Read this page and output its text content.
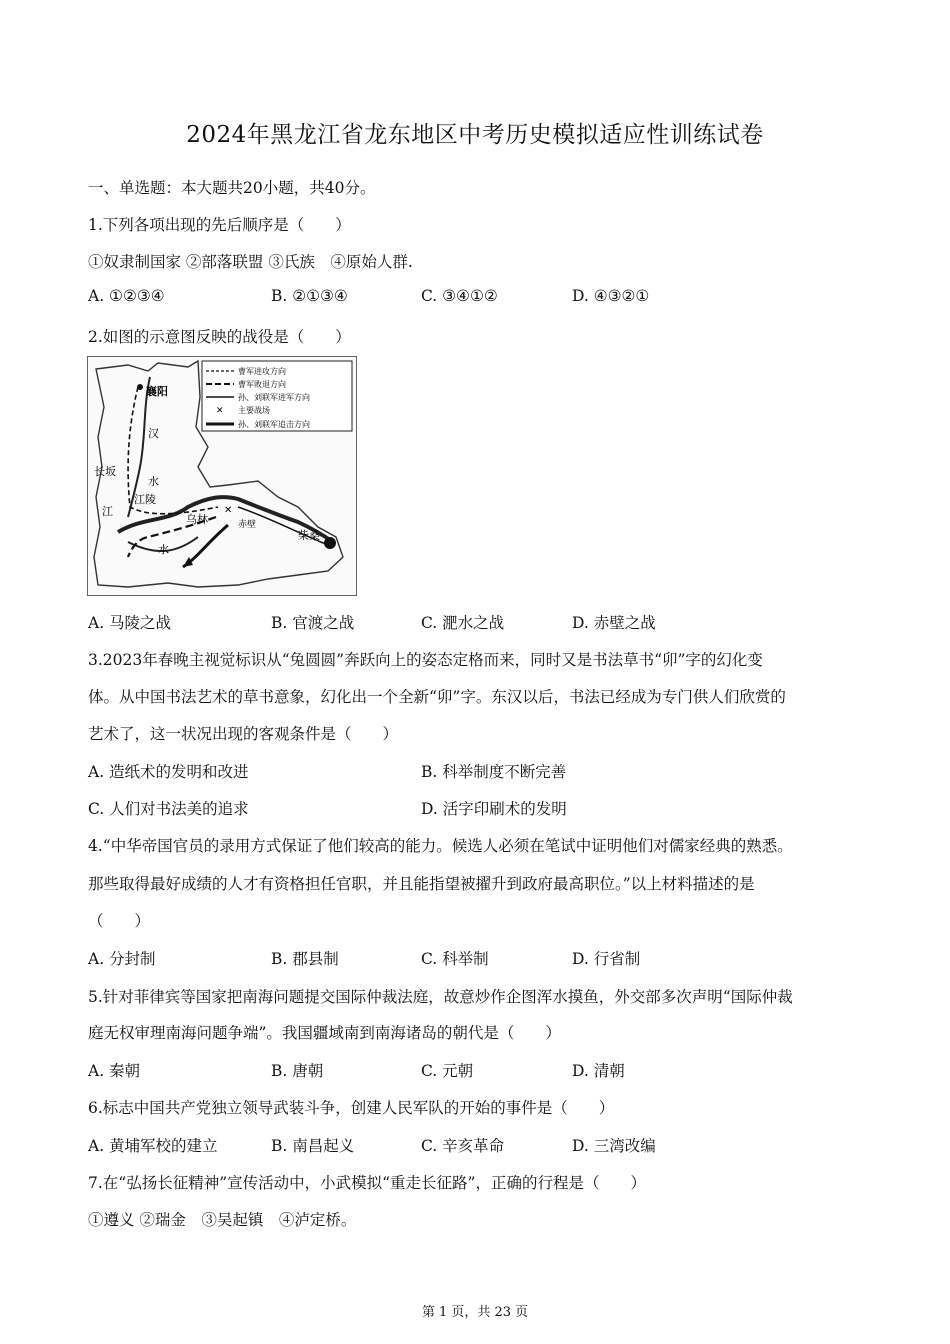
2024年黑龙江省龙东地区中考历史模拟适应性训练试卷
一、单选题：本大题共20小题，共40分。
1.下列各项出现的先后顺序是（　　）
①奴隶制国家 ②部落联盟 ③氏族　④原始人群.
A. ①②③④	B. ②①③④	C. ③④①②	D. ④③②①
2.如图的示意图反映的战役是（　　）
✕
曹军进攻方向
曹军败退方向
孙、刘联军进军方向
✕ 主要战场
孙、刘联军追击方向
襄阳
汉
长坂
水
江陵
江
乌林	赤壁
柴桑
水
A. 马陵之战	B. 官渡之战	C. 淝水之战	D. 赤壁之战
3.2023年春晚主视觉标识从“兔圆圆”奔跃向上的姿态定格而来，同时又是书法草书“卯”字的幻化变
体。从中国书法艺术的草书意象，幻化出一个全新“卯”字。东汉以后，书法已经成为专门供人们欣赏的
艺术了，这一状况出现的客观条件是（　　）
A. 造纸术的发明和改进	B. 科举制度不断完善
C. 人们对书法美的追求	D. 活字印刷术的发明
4.“中华帝国官员的录用方式保证了他们较高的能力。候选人必须在笔试中证明他们对儒家经典的熟悉。
那些取得最好成绩的人才有资格担任官职，并且能指望被擢升到政府最高职位。”以上材料描述的是
（　　）
A. 分封制	B. 郡县制	C. 科举制	D. 行省制
5.针对菲律宾等国家把南海问题提交国际仲裁法庭，故意炒作企图浑水摸鱼，外交部多次声明“国际仲裁
庭无权审理南海问题争端”。我国疆域南到南海诸岛的朝代是（　　）
A. 秦朝	B. 唐朝	C. 元朝	D. 清朝
6.标志中国共产党独立领导武装斗争，创建人民军队的开始的事件是（　　）
A. 黄埔军校的建立	B. 南昌起义	C. 辛亥革命	D. 三湾改编
7.在“弘扬长征精神”宣传活动中，小武模拟“重走长征路”，正确的行程是（　　）
①遵义 ②瑞金　③吴起镇　④泸定桥。
第 1 页，共 23 页
